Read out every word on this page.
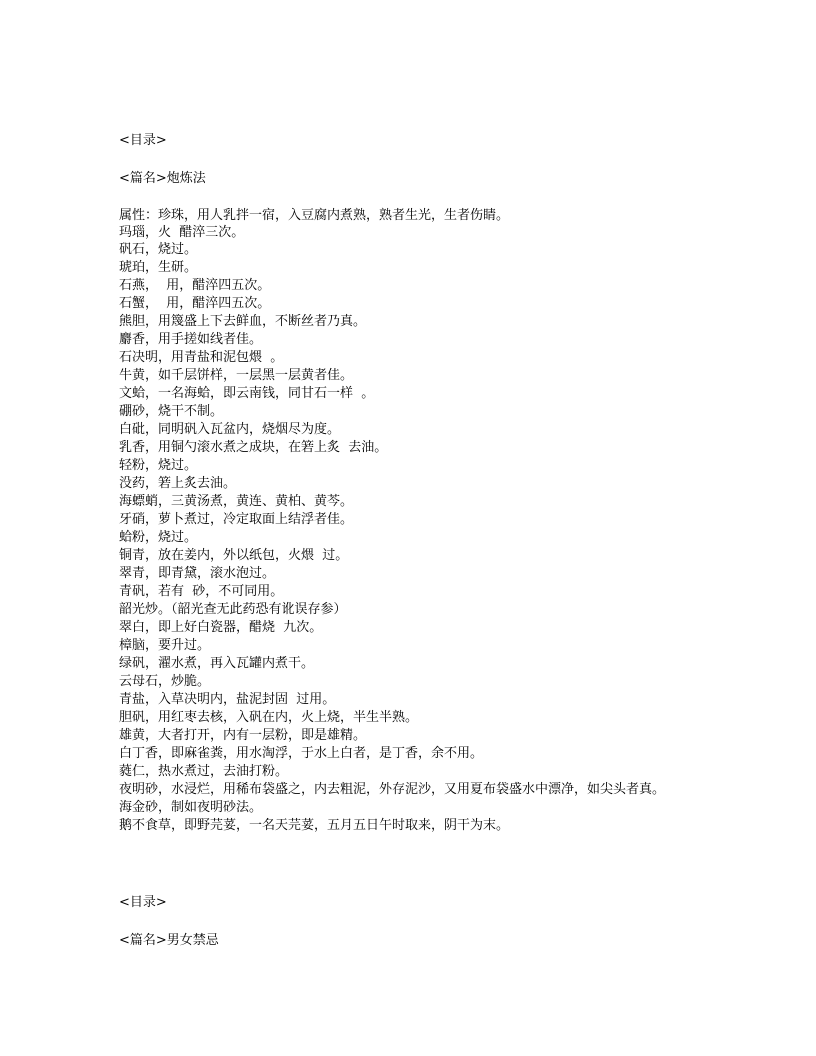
<目录>
<篇名>炮炼法
属性：珍珠，用人乳拌一宿，入豆腐内煮熟，熟者生光，生者伤睛。
玛瑙，火  醋淬三次。
矾石，烧过。
琥珀，生研。
石燕，  用，醋淬四五次。
石蟹，  用，醋淬四五次。
熊胆，用篾盛上下去鲜血，不断丝者乃真。
麝香，用手搓如线者佳。
石决明，用青盐和泥包煨  。
牛黄，如千层饼样，一层黑一层黄者佳。
文蛤，一名海蛤，即云南钱，同甘石一样  。
硼砂，烧干不制。
白砒，同明矾入瓦盆内，烧烟尽为度。
乳香，用铜勺滚水煮之成块，在箬上炙  去油。
轻粉，烧过。
没药，箬上炙去油。
海螵蛸，三黄汤煮，黄连、黄柏、黄芩。
牙硝，萝卜煮过，冷定取面上结浮者佳。
蛤粉，烧过。
铜青，放在姜内，外以纸包，火煨  过。
翠青，即青黛，滚水泡过。
青矾，若有  砂，不可同用。
韶光炒。（韶光查无此药恐有讹误存参）
翠白，即上好白瓷器，醋烧  九次。
樟脑，要升过。
绿矾，濯水煮，再入瓦罐内煮干。
云母石，炒脆。
青盐，入草决明内，盐泥封固  过用。
胆矾，用红枣去核，入矾在内，火上烧，半生半熟。
雄黄，大者打开，内有一层粉，即是雄精。
白丁香，即麻雀粪，用水淘浮，于水上白者，是丁香，余不用。
蕤仁，热水煮过，去油打粉。
夜明砂，水浸烂，用稀布袋盛之，内去粗泥，外存泥沙，又用夏布袋盛水中漂净，如尖头者真。
海金砂，制如夜明砂法。
鹅不食草，即野芫荽，一名天芫荽，五月五日午时取来，阴干为末。
<目录>
<篇名>男女禁忌
